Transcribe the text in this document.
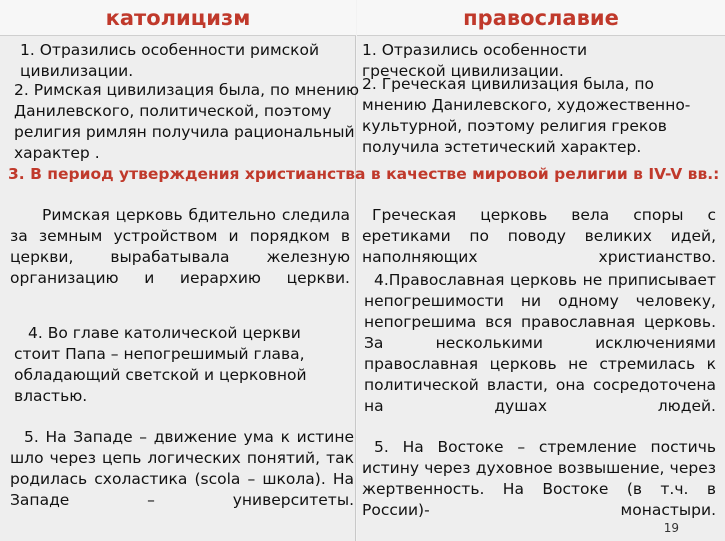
католицизм	православие

1. Отразились особенности римской цивилизации.

2. Римская цивилизация была, по мнению Данилевского, политической, поэтому религия римлян получила рациональный характер .

3. В период утверждения христианства в качестве мировой религии в IV-V вв.:

Римская церковь бдительно следила за земным устройством и порядком в церкви, вырабатывала железную организацию и иерархию церкви.

4. Во главе католической церкви стоит Папа – непогрешимый глава, обладающий светской и церковной властью.

5. На Западе – движение ума к истине шло через цепь логических понятий, так родилась схоластика (scola – школа). На Западе – университеты.

1. Отразились особенности греческой цивилизации.

2. Греческая цивилизация была, по мнению Данилевского, художественно-культурной, поэтому религия греков получила эстетический характер.

Греческая церковь вела споры с еретиками по поводу великих идей, наполняющих христианство.

4.Православная церковь не приписывает непогрешимости ни одному человеку, непогрешима вся православная церковь. За несколькими исключениями православная церковь не стремилась к политической власти, она сосредоточена на душах людей.

5. На Востоке – стремление постичь истину через духовное возвышение, через жертвенность. На Востоке (в т.ч. в России)- монастыри.

19
